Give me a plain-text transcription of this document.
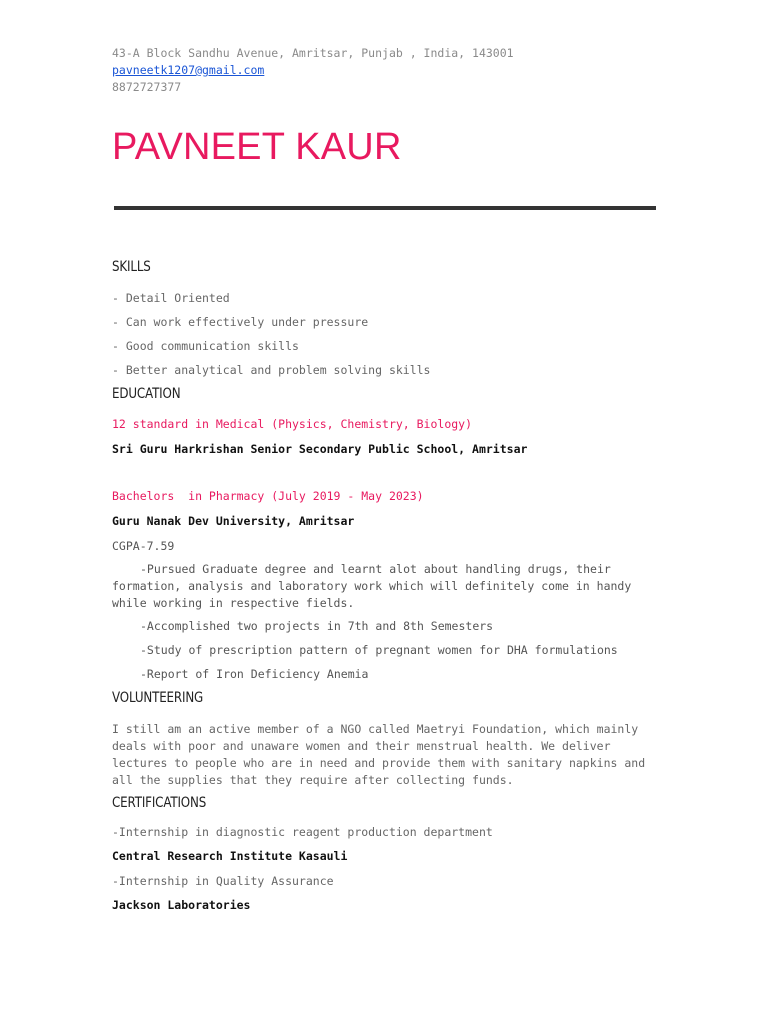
43-A Block Sandhu Avenue, Amritsar, Punjab , India, 143001
pavneetk1207@gmail.com
8872727377
PAVNEET KAUR
SKILLS
- Detail Oriented
- Can work effectively under pressure
- Good communication skills
- Better analytical and problem solving skills
EDUCATION
12 standard in Medical (Physics, Chemistry, Biology)
Sri Guru Harkrishan Senior Secondary Public School, Amritsar
Bachelors  in Pharmacy (July 2019 - May 2023)
Guru Nanak Dev University, Amritsar
CGPA-7.59
-Pursued Graduate degree and learnt alot about handling drugs, their formation, analysis and laboratory work which will definitely come in handy while working in respective fields.
-Accomplished two projects in 7th and 8th Semesters
-Study of prescription pattern of pregnant women for DHA formulations
-Report of Iron Deficiency Anemia
VOLUNTEERING
I still am an active member of a NGO called Maetryi Foundation, which mainly deals with poor and unaware women and their menstrual health. We deliver lectures to people who are in need and provide them with sanitary napkins and all the supplies that they require after collecting funds.
CERTIFICATIONS
-Internship in diagnostic reagent production department
Central Research Institute Kasauli
-Internship in Quality Assurance
Jackson Laboratories
